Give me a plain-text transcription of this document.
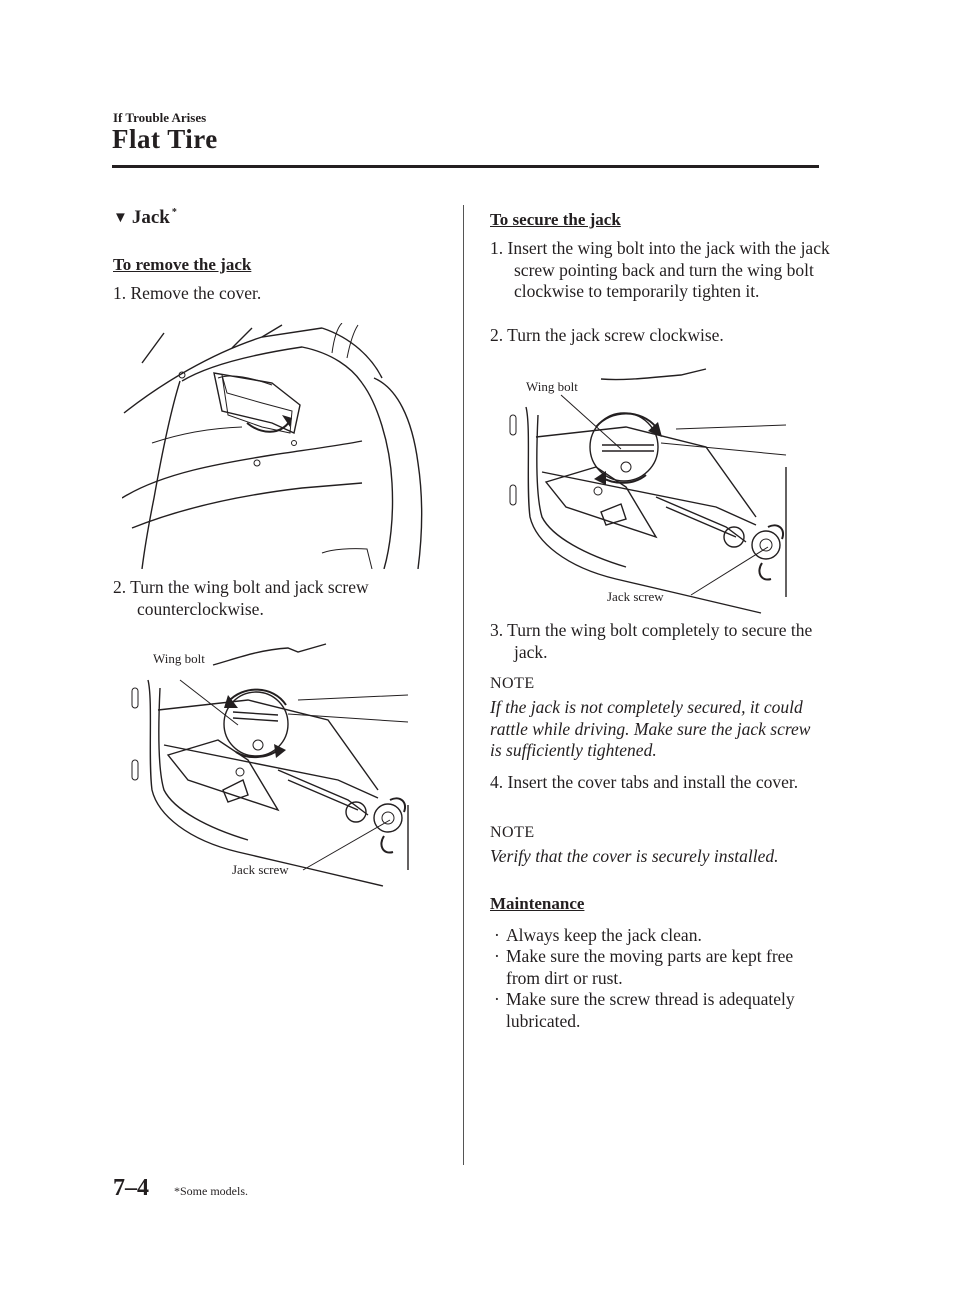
If Trouble Arises
Flat Tire
▼ Jack*
To remove the jack
1. Remove the cover.
2. Turn the wing bolt and jack screw counterclockwise.
Wing bolt
Jack screw
To secure the jack
1. Insert the wing bolt into the jack with the jack screw pointing back and turn the wing bolt clockwise to temporarily tighten it.
2. Turn the jack screw clockwise.
Wing bolt
Jack screw
3. Turn the wing bolt completely to secure the jack.
NOTE
If the jack is not completely secured, it could rattle while driving. Make sure the jack screw is sufficiently tightened.
4. Insert the cover tabs and install the cover.
NOTE
Verify that the cover is securely installed.
Maintenance
· Always keep the jack clean.
· Make sure the moving parts are kept free from dirt or rust.
· Make sure the screw thread is adequately lubricated.
7–4 *Some models.
